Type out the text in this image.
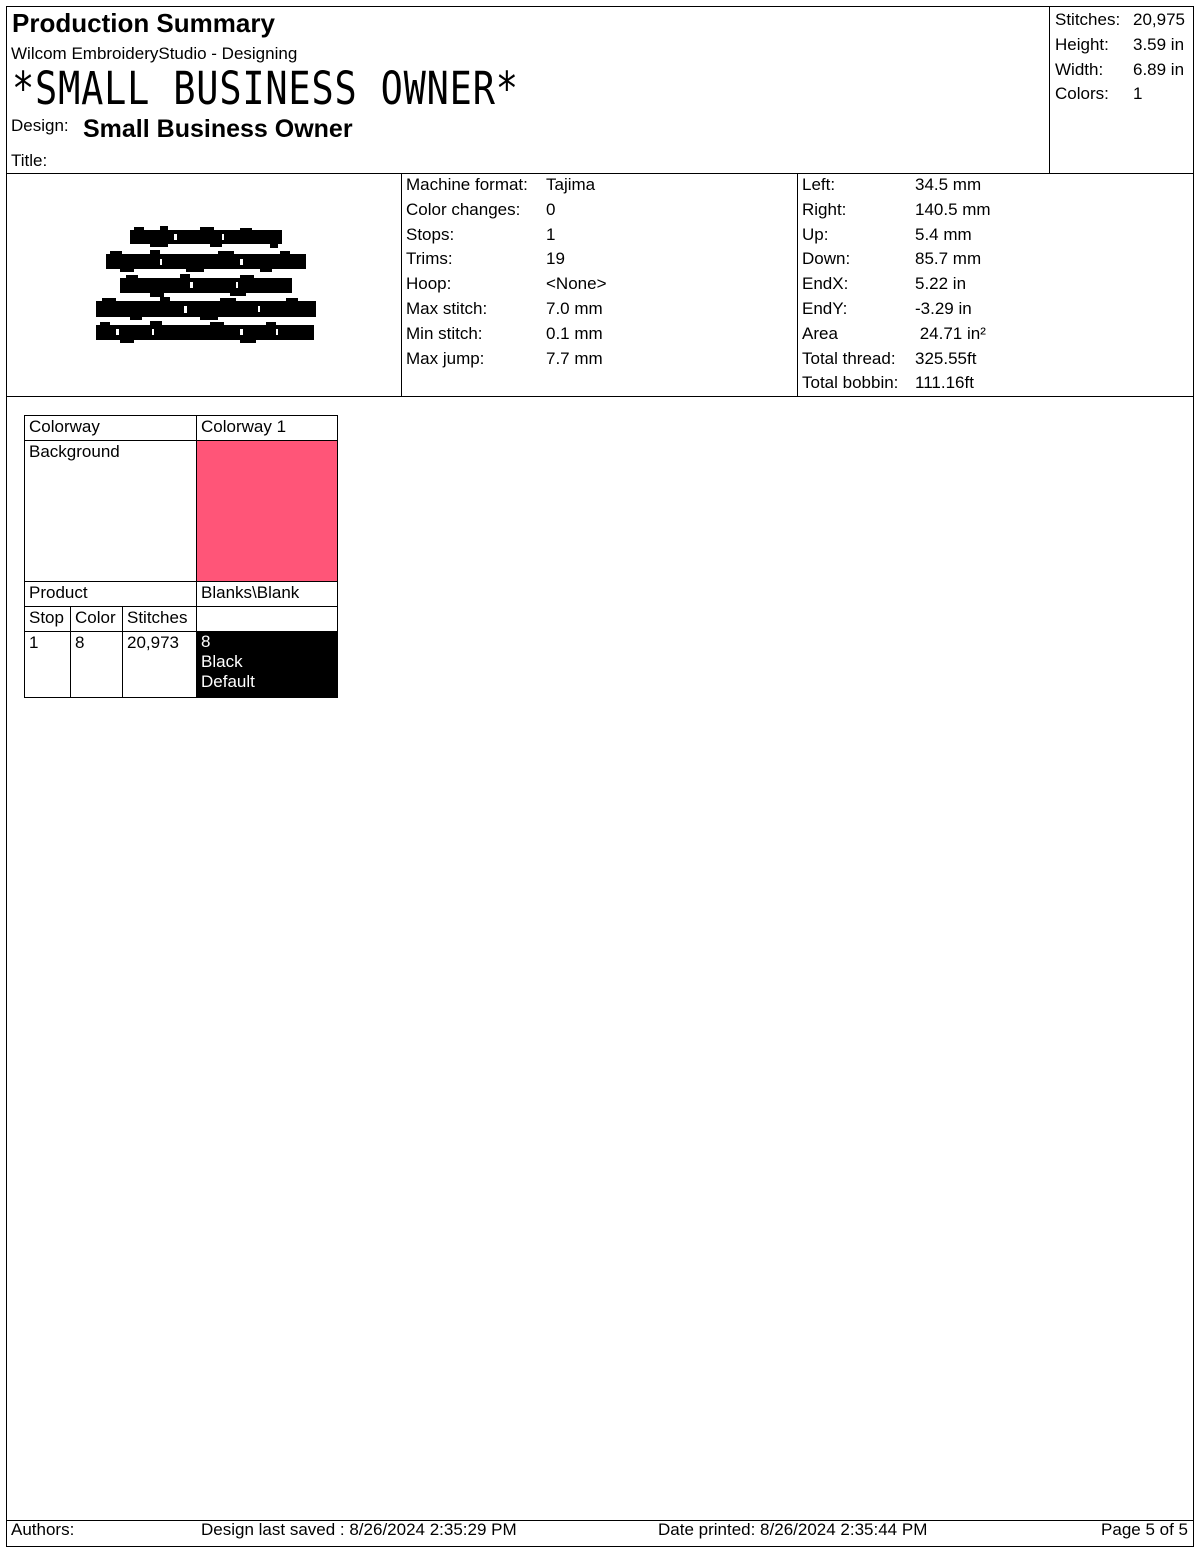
Production Summary
Wilcom EmbroideryStudio - Designing
*SMALL BUSINESS OWNER*
Design: Small Business Owner
Title:
Stitches: 20,975
Height:	3.59 in
Width:	6.89 in
Colors:	1
Machine format:	Tajima
Color changes:	0
Stops:	1
Trims:	19
Hoop:	<None>
Max stitch:	7.0 mm
Min stitch:	0.1 mm
Max jump:	7.7 mm
Left:	34.5 mm
Right:	140.5 mm
Up:	5.4 mm
Down:	85.7 mm
EndX:	5.22 in
EndY:	-3.29 in
Area	24.71 in²
Total thread:	325.55ft
Total bobbin: 111.16ft
Colorway			Colorway 1
Background			
Product			Blanks\Blank
Stop	Color	Stitches	
1	8	20,973	8
Black
Default
Authors:	Design last saved : 8/26/2024 2:35:29 PM	Date printed: 8/26/2024 2:35:44 PM	Page 5 of 5
